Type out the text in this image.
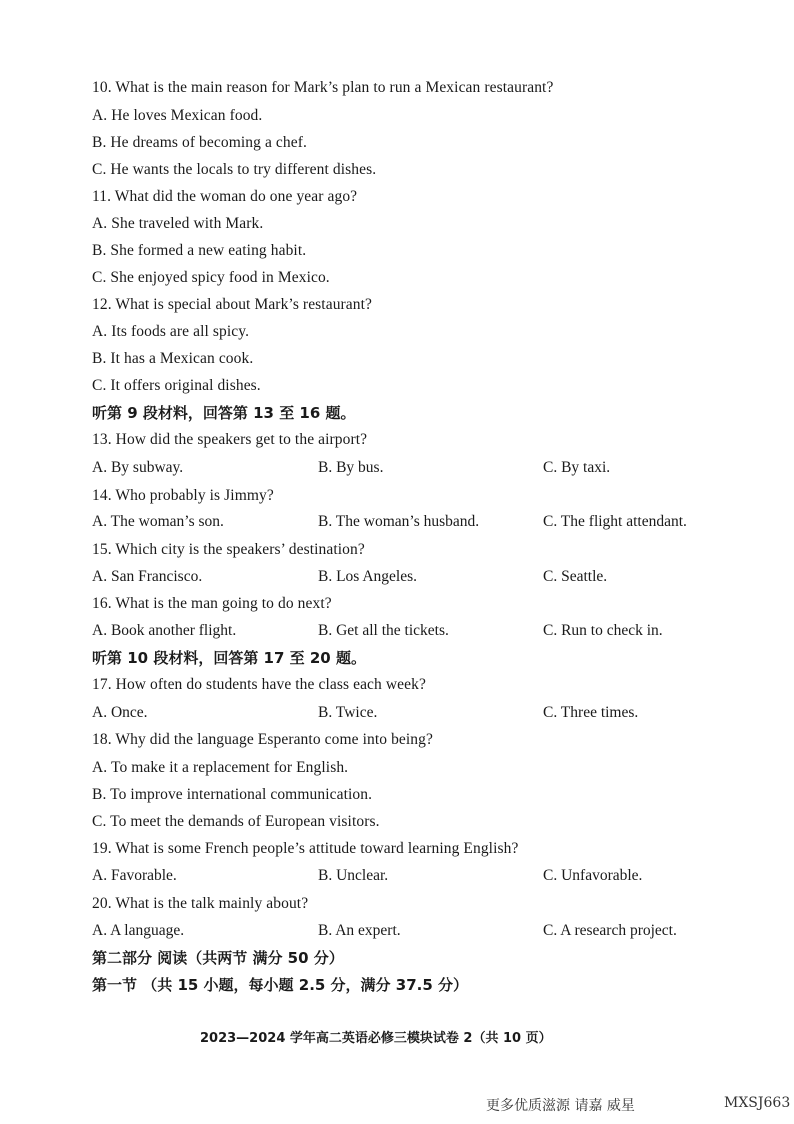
10. What is the main reason for Mark’s plan to run a Mexican restaurant?
A. He loves Mexican food.
B. He dreams of becoming a chef.
C. He wants the locals to try different dishes.
11. What did the woman do one year ago?
A. She traveled with Mark.
B. She formed a new eating habit.
C. She enjoyed spicy food in Mexico.
12. What is special about Mark’s restaurant?
A. Its foods are all spicy.
B. It has a Mexican cook.
C. It offers original dishes.
听第 9 段材料，回答第 13 至 16 题。
13. How did the speakers get to the airport?
A. By subway.	B. By bus.	C. By taxi.
14. Who probably is Jimmy?
A. The woman’s son.	B. The woman’s husband.	C. The flight attendant.
15. Which city is the speakers’ destination?
A. San Francisco.	B. Los Angeles.	C. Seattle.
16. What is the man going to do next?
A. Book another flight.	B. Get all the tickets.	C. Run to check in.
听第 10 段材料，回答第 17 至 20 题。
17. How often do students have the class each week?
A. Once.	B. Twice.	C. Three times.
18. Why did the language Esperanto come into being?
A. To make it a replacement for English.
B. To improve international communication.
C. To meet the demands of European visitors.
19. What is some French people’s attitude toward learning English?
A. Favorable.	B. Unclear.	C. Unfavorable.
20. What is the talk mainly about?
A. A language.	B. An expert.	C. A research project.
第二部分 阅读（共两节 满分 50 分）
第一节 （共 15 小题，每小题 2.5 分，满分 37.5 分）
2023—2024 学年高二英语必修三模块试卷 2（共 10 页）
更多优质滋源 请嘉 威星	MXSJ663
